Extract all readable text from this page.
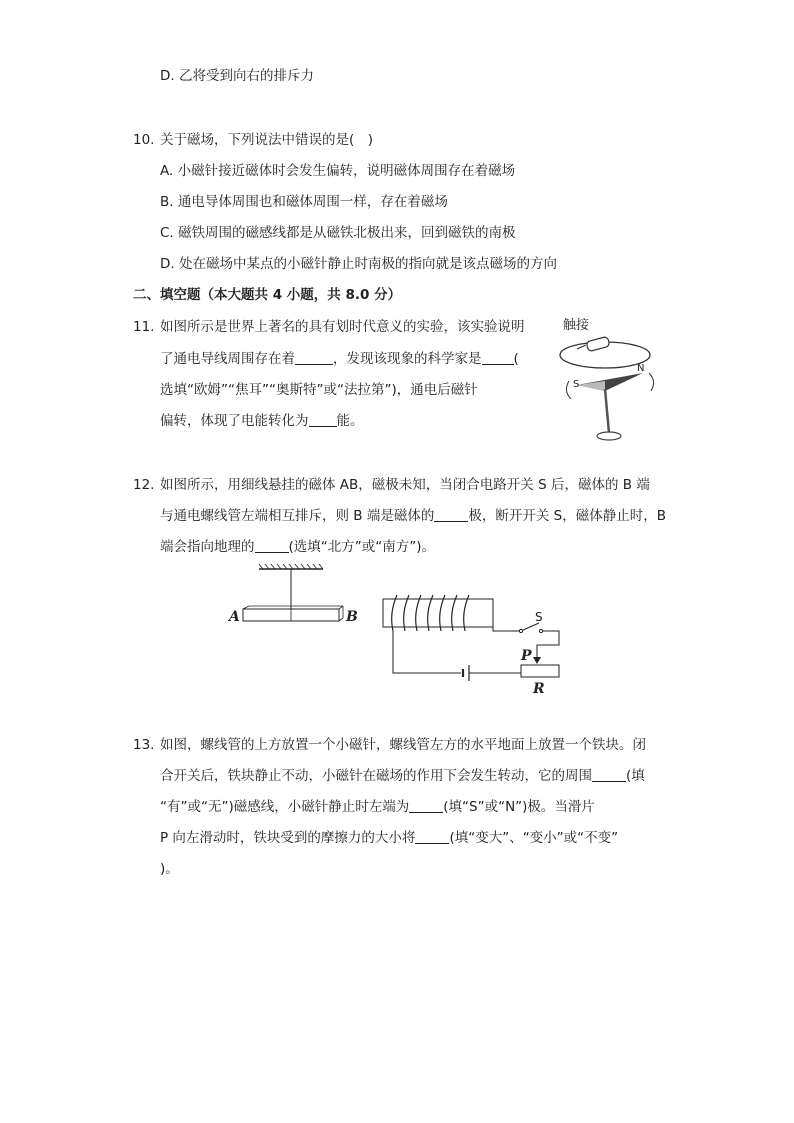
D. 乙将受到向右的排斥力
10. 关于磁场，下列说法中错误的是(　)
A. 小磁针接近磁体时会发生偏转，说明磁体周围存在着磁场
B. 通电导体周围也和磁体周围一样，存在着磁场
C. 磁铁周围的磁感线都是从磁铁北极出来，回到磁铁的南极
D. 处在磁场中某点的小磁针静止时南极的指向就是该点磁场的方向
二、填空题（本大题共 4 小题，共 8.0 分）
11. 如图所示是世界上著名的具有划时代意义的实验，该实验说明
了通电导线周围存在着	，发现该现象的科学家是 (
选填“欧姆”“焦耳”“奥斯特”或“法拉第”)，通电后磁针
偏转，体现了电能转化为 能。
触接
S
N
12. 如图所示，用细线悬挂的磁体 AB，磁极未知，当闭合电路开关 S 后，磁体的 B 端
与通电螺线管左端相互排斥，则 B 端是磁体的	极，断开开关 S，磁体静止时，B
端会指向地理的	(选填“北方”或“南方”)。
A	B	S
P
R
13. 如图，螺线管的上方放置一个小磁针，螺线管左方的水平地面上放置一个铁块。闭
合开关后，铁块静止不动，小磁针在磁场的作用下会发生转动，它的周围	(填
“有”或“无”)磁感线，小磁针静止时左端为	(填“S”或“N”)极。当滑片
P 向左滑动时，铁块受到的摩擦力的大小将	(填“变大”、“变小”或“不变”
)。
